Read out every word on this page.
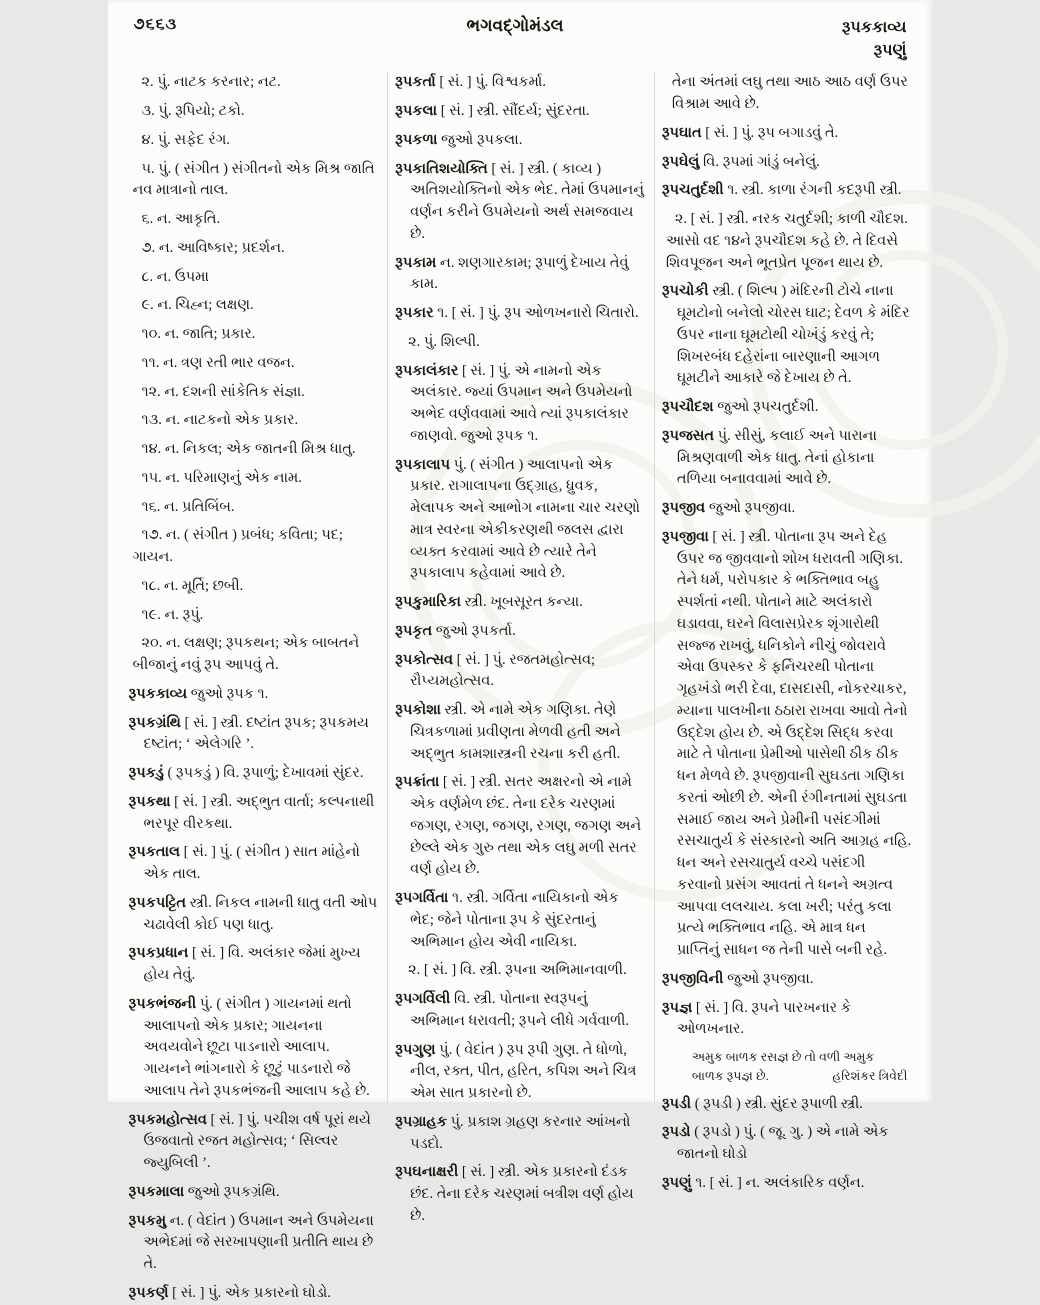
૭૬૬૩	ભગવદ્ગોમંડલ	રૂપકકાવ્ય
રૂપણું

૨. પું. નાટક કરનાર; નટ.

૩. પું. રૂપિયો; ટકો.

૪. પું. સફેદ રંગ.

૫. પું. ( સંગીત ) સંગીતનો એક મિશ્ર જાતિ નવ માત્રાનો તાલ.

૬. ન. આકૃતિ.

૭. ન. આવિષ્કાર; પ્રદર્શન.

૮. ન. ઉપમા

૯. ન. ચિહ્ન; લક્ષણ.

૧૦. ન. જાતિ; પ્રકાર.

૧૧. ન. ત્રણ રતી ભાર વજન.

૧૨. ન. દશની સાંકેતિક સંજ્ઞા.

૧૩. ન. નાટકનો એક પ્રકાર.

૧૪. ન. નિકલ; એક જાતની મિશ્ર ધાતુ.

૧૫. ન. પરિમાણનું એક નામ.

૧૬. ન. પ્રતિબિંબ.

૧૭. ન. ( સંગીત ) પ્રબંધ; કવિતા; પદ; ગાયન.

૧૮. ન. મૂર્તિ; છબી.

૧૯. ન. રૂપું.

૨૦. ન. લક્ષણ; રૂપકથન; એક બાબતને બીજાનું નવું રૂપ આપવું તે.

રૂપકકાવ્ય જુઓ રૂપક ૧.

રૂપકગ્રંથિ [ સં. ] સ્ત્રી. દષ્ટાંત રૂપક; રૂપકમય દષ્ટાંત; ‘ એલેગરિ ’.

રૂપકડું ( રૂપકડું ) વિ. રૂપાળું; દેખાવમાં સુંદર.

રૂપકથા [ સં. ] સ્ત્રી. અદ્ભુત વાર્તા; કલ્પનાથી ભરપૂર વીરકથા.

રૂપકતાલ [ સં. ] પું. ( સંગીત ) સાત માંહેનો એક તાલ.

રૂપકપટ્ટિત સ્ત્રી. નિકલ નામની ધાતુ વતી ઓપ ચઢાવેલી કોઈ પણ ધાતુ.

રૂપકપ્રધાન [ સં. ] વિ. અલંકાર જેમાં મુખ્ય હોય તેવું.

રૂપકભંજની પું. ( સંગીત ) ગાયનમાં થતો આલાપનો એક પ્રકાર; ગાયનના અવયવોને છૂટા પાડનારો આલાપ. ગાયનને ભાંગનારો કે છૂટું પાડનારો જે આલાપ તેને રૂપકભંજની આલાપ કહે છે.

રૂપકમહોત્સવ [ સં. ] પું. પચીશ વર્ષ પૂરાં થયે ઉજવાતો રજત મહોત્સવ; ‘ સિલ્વર જ્યુબિલી ’.

રૂપકમાલા જુઓ રૂપકગ્રંથિ.

રૂપકમુ ન. ( વેદાંત ) ઉપમાન અને ઉપમેયના અભેદમાં જે સરખાપણાની પ્રતીતિ થાય છે તે.

રૂપકર્ણ [ સં. ] પું. એક પ્રકારનો ઘોડો.

રૂપકર્તા [ સં. ] પું. વિશ્વકર્મા.

રૂપકલા [ સં. ] સ્ત્રી. સૌંદર્ય; સુંદરતા.

રૂપકળા જુઓ રૂપકલા.

રૂપકાતિશયોક્તિ [ સં. ] સ્ત્રી. ( કાવ્ય ) અતિશયોક્તિનો એક ભેદ. તેમાં ઉપમાનનું વર્ણન કરીને ઉપમેયનો અર્થ સમજવાય છે.

રૂપકામ ન. શણગારકામ; રૂપાળું દેખાય તેવું કામ.

રૂપકાર ૧. [ સં. ] પું. રૂપ ઓળખનારો ચિતારો.

૨. પું. શિલ્પી.

રૂપકાલંકાર [ સં. ] પું. એ નામનો એક અલંકાર. જ્યાં ઉપમાન અને ઉપમેયનો અભેદ વર્ણવવામાં આવે ત્યાં રૂપકાલંકાર જાણવો. જુઓ રૂપક ૧.

રૂપકાલાપ પું. ( સંગીત ) આલાપનો એક પ્રકાર. રાગાલાપના ઉદ્ગ્રાહ, ધ્રુવક, મેલાપક અને આભોગ નામના ચાર ચરણો માત્ર સ્વરના એકીકરણથી જલસ દ્વારા વ્યક્ત કરવામાં આવે છે ત્યારે તેને રૂપકાલાપ કહેવામાં આવે છે.

રૂપકુમારિકા સ્ત્રી. ખૂબસૂરત કન્યા.

રૂપકૃત જુઓ રૂપકર્તા.

રૂપકોત્સવ [ સં. ] પું. રજતમહોત્સવ; રૌપ્યમહોત્સવ.

રૂપકોશા સ્ત્રી. એ નામે એક ગણિકા. તેણે ચિત્રકળામાં પ્રવીણતા મેળવી હતી અને અદ્ભુત કામશાસ્ત્રની રચના કરી હતી.

રૂપક્રાંતા [ સં. ] સ્ત્રી. સતર અક્ષરનો એ નામે એક વર્ણમેળ છંદ. તેના દરેક ચરણમાં જગણ, રગણ, જગણ, રગણ, જગણ અને છેલ્લે એક ગુરુ તથા એક લઘુ મળી સતર વર્ણ હોય છે.

રૂપગર્વિતા ૧. સ્ત્રી. ગર્વિતા નાયિકાનો એક ભેદ; જેને પોતાના રૂપ કે સુંદરતાનું અભિમાન હોય એવી નાયિકા.

૨. [ સં. ] વિ. સ્ત્રી. રૂપના અભિમાનવાળી.

રૂપગર્વિલી વિ. સ્ત્રી. પોતાના સ્વરૂપનું અભિમાન ધરાવતી; રૂપને લીધે ગર્વવાળી.

રૂપગુણ પું. ( વેદાંત ) રૂપ રૂપી ગુણ. તે ધોળો, નીલ, રક્ત, પીત, હરિત, કપિશ અને ચિત્ર એમ સાત પ્રકારનો છે.

રૂપગ્રાહક પું. પ્રકાશ ગ્રહણ કરનાર આંખનો પડદો.

રૂપઘનાક્ષરી [ સં. ] સ્ત્રી. એક પ્રકારનો દંડક છંદ. તેના દરેક ચરણમાં બત્રીશ વર્ણ હોય છે.

તેના અંતમાં લઘુ તથા આઠ આઠ વર્ણ ઉપર વિશ્રામ આવે છે.

રૂપઘાત [ સં. ] પું. રૂપ બગાડવું તે.

રૂપઘેલું વિ. રૂપમાં ગાંડું બનેલું.

રૂપચતુર્દશી ૧. સ્ત્રી. કાળા રંગની કદરૂપી સ્ત્રી.

૨. [ સં. ] સ્ત્રી. નરક ચતુર્દશી; કાળી ચૌદશ. આસો વદ ૧૪ને રૂપચૌદશ કહે છે. તે દિવસે શિવપૂજન અને ભૂતપ્રેત પૂજન થાય છે.

રૂપચોકી સ્ત્રી. ( શિલ્પ ) મંદિરની ટોચે નાના ઘૂમટોનો બનેલો ચોરસ ઘાટ; દેવળ કે મંદિર ઉપર નાના ઘૂમટોથી ચોખંડું કરવું તે; શિખરબંધ દહેરાંના બારણાની આગળ ઘૂમટીને આકારે જે દેખાય છે તે.

રૂપચૌદશ જુઓ રૂપચતુર્દશી.

રૂપજસત પું. સીસું, કલાઈ અને પારાના મિશ્રણવાળી એક ધાતુ. તેનાં હોકાના તળિયા બનાવવામાં આવે છે.

રૂપજીવ જુઓ રૂપજીવા.

રૂપજીવા [ સં. ] સ્ત્રી. પોતાના રૂપ અને દેહ ઉપર જ જીવવાનો શોખ ધરાવતી ગણિકા. તેને ધર્મ, પરોપકાર કે ભક્તિભાવ બહુ સ્પર્શતાં નથી. પોતાને માટે અલંકારો ઘડાવવા, ઘરને વિલાસપ્રેરક શૃંગારોથી સજ્જ રાખવું, ધનિકોને નીચું જોવરાવે એવા ઉપસ્કર કે ફર્નિચરથી પોતાના ગૃહખંડો ભરી દેવા, દાસદાસી, નોકરચાકર, મ્યાના પાલખીના ઠઠારા રાખવા આવો તેનો ઉદ્દેશ હોય છે. એ ઉદ્દેશ સિદ્ધ કરવા માટે તે પોતાના પ્રેમીઓ પાસેથી ઠીક ઠીક ધન મેળવે છે. રૂપજીવાની સુઘડતા ગણિકા કરતાં ઓછી છે. એની રંગીનતામાં સુઘડતા સમાઈ જાય અને પ્રેમીની પસંદગીમાં રસચાતુર્ય કે સંસ્કારનો અતિ આગ્રહ નહિ. ધન અને રસચાતુર્ય વચ્ચે પસંદગી કરવાનો પ્રસંગ આવતાં તે ધનને અગ્રત્વ આપવા લલચાય. કલા ખરી; પરંતુ કલા પ્રત્યે ભક્તિભાવ નહિ. એ માત્ર ધન પ્રાપ્તિનું સાધન જ તેની પાસે બની રહે.

રૂપજીવિની જુઓ રૂપજીવા.

રૂપજ્ઞ [ સં. ] વિ. રૂપને પારખનાર કે ઓળખનાર.

અમુક બાળક રસજ્ઞ છે તો વળી અમુક બાળક રૂપજ્ઞ છે.	હરિશંકર ત્રિવેદી

રૂપડી ( રૂપડી ) સ્ત્રી. સુંદર રૂપાળી સ્ત્રી.

રૂપડો ( રૂપડો ) પું. ( જૂ. ગુ. ) એ નામે એક જાતનો ઘોડો

રૂપણું ૧. [ સં. ] ન. અલંકારિક વર્ણન.
